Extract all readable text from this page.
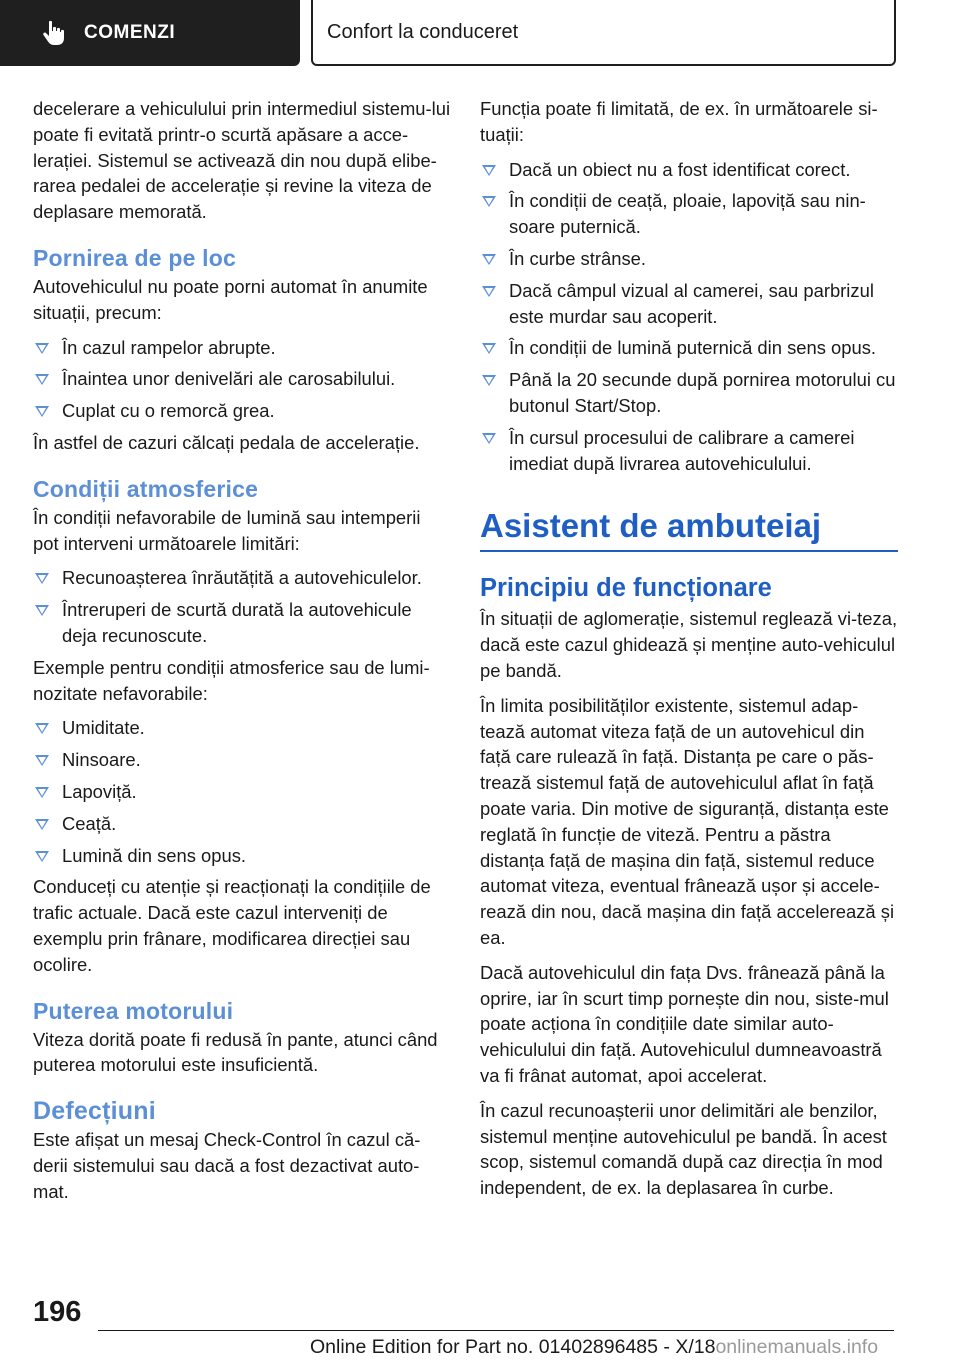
COMENZI	Confort la conduceret

decelerare a vehiculului prin intermediul sistemu-lui poate fi evitată printr-o scurtă apăsare a acce-lerației. Sistemul se activează din nou după elibe-rarea pedalei de accelerație și revine la viteza de deplasare memorată.

Pornirea de pe loc

Autovehiculul nu poate porni automat în anumite situații, precum:

În cazul rampelor abrupte.
Înaintea unor denivelări ale carosabilului.
Cuplat cu o remorcă grea.

În astfel de cazuri călcați pedala de accelerație.

Condiții atmosferice

În condiții nefavorabile de lumină sau intemperii pot interveni următoarele limitări:

Recunoașterea înrăutățită a autovehiculelor.
Întreruperi de scurtă durată la autovehicule deja recunoscute.

Exemple pentru condiții atmosferice sau de lumi-nozitate nefavorabile:

Umiditate.
Ninsoare.
Lapoviță.
Ceață.
Lumină din sens opus.

Conduceți cu atenție și reacționați la condițiile de trafic actuale. Dacă este cazul interveniți de exemplu prin frânare, modificarea direcției sau ocolire.

Puterea motorului

Viteza dorită poate fi redusă în pante, atunci când puterea motorului este insuficientă.

Defecțiuni

Este afișat un mesaj Check-Control în cazul că-derii sistemului sau dacă a fost dezactivat auto-mat.

Funcția poate fi limitată, de ex. în următoarele si-tuații:

Dacă un obiect nu a fost identificat corect.
În condiții de ceață, ploaie, lapoviță sau nin-soare puternică.
În curbe strânse.
Dacă câmpul vizual al camerei, sau parbrizul este murdar sau acoperit.
În condiții de lumină puternică din sens opus.
Până la 20 secunde după pornirea motorului cu butonul Start/Stop.
În cursul procesului de calibrare a camerei imediat după livrarea autovehiculului.
Asistent de ambuteiaj
Principiu de funcționare

În situații de aglomerație, sistemul reglează vi-teza, dacă este cazul ghidează și menține auto-vehiculul pe bandă.

În limita posibilităților existente, sistemul adap-tează automat viteza față de un autovehicul din față care rulează în față. Distanța pe care o păs-trează sistemul față de autovehiculul aflat în față poate varia. Din motive de siguranță, distanța este reglată în funcție de viteză. Pentru a păstra distanța față de mașina din față, sistemul reduce automat viteza, eventual frânează ușor și accele-rează din nou, dacă mașina din față accelerează și ea.

Dacă autovehiculul din fața Dvs. frânează până la oprire, iar în scurt timp pornește din nou, siste-mul poate acționa în condițiile date similar auto-vehiculului din față. Autovehiculul dumneavoastră va fi frânat automat, apoi accelerat.

În cazul recunoașterii unor delimitări ale benzilor, sistemul menține autovehiculul pe bandă. În acest scop, sistemul comandă după caz direcția în mod independent, de ex. la deplasarea în curbe.

196
Online Edition for Part no. 01402896485 - X/18onlinemanuals.info
